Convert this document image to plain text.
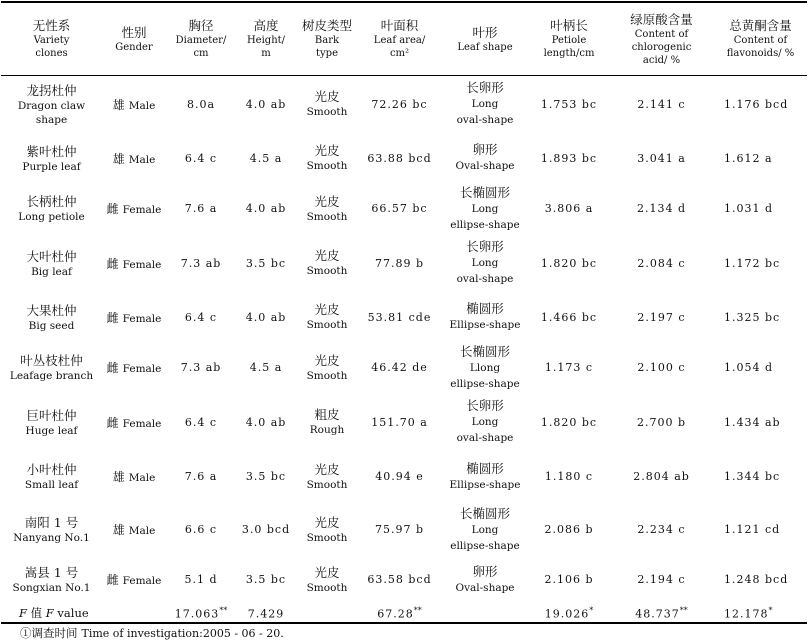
无性系
Variety
clones	性别
Gender	胸径
Diameter/
cm	高度
Height/
m	树皮类型
Bark
type	叶面积
Leaf area/
cm²	叶形
Leaf shape	叶柄长
Petiole
length/cm	绿原酸含量
Content of
chlorogenic
acid/ %	总黄酮含量
Content of
flavonoids/ %

龙拐杜仲
Dragon claw
shape	雄 Male	8.0a	4.0 ab	光皮
Smooth	72.26 bc	长卵形
Long
oval-shape	1.753 bc	2.141 c	1.176 bcd

紫叶杜仲
Purple leaf	雄 Male	6.4 c	4.5 a	光皮
Smooth	63.88 bcd	卵形
Oval-shape	1.893 bc	3.041 a	1.612 a

长柄杜仲
Long petiole	雌 Female	7.6 a	4.0 ab	光皮
Smooth	66.57 bc	长椭圆形
Long
ellipse-shape	3.806 a	2.134 d	1.031 d

大叶杜仲
Big leaf	雌 Female	7.3 ab	3.5 bc	光皮
Smooth	77.89 b	长卵形
Long
oval-shape	1.820 bc	2.084 c	1.172 bc

大果杜仲
Big seed	雌 Female	6.4 c	4.0 ab	光皮
Smooth	53.81 cde	椭圆形
Ellipse-shape	1.466 bc	2.197 c	1.325 bc

叶丛枝杜仲
Leafage branch	雌 Female	7.3 ab	4.5 a	光皮
Smooth	46.42 de	长椭圆形
Llong
ellipse-shape	1.173 c	2.100 c	1.054 d

巨叶杜仲
Huge leaf	雌 Female	6.4 c	4.0 ab	粗皮
Rough	151.70 a	长卵形
Long
oval-shape	1.820 bc	2.700 b	1.434 ab

小叶杜仲
Small leaf	雄 Male	7.6 a	3.5 bc	光皮
Smooth	40.94 e	椭圆形
Ellipse-shape	1.180 c	2.804 ab	1.344 bc

南阳 1 号
Nanyang No.1	雄 Male	6.6 c	3.0 bcd	光皮
Smooth	75.97 b	长椭圆形
Long
ellipse-shape	2.086 b	2.234 c	1.121 cd

嵩县 1 号
Songxian No.1	雌 Female	5.1 d	3.5 bc	光皮
Smooth	63.58 bcd	卵形
Oval-shape	2.106 b	2.194 c	1.248 bcd
F 值 F value		17.063**	7.429		67.28**		19.026*	48.737**	12.178*
①调查时间 Time of investigation:2005 - 06 - 20.
